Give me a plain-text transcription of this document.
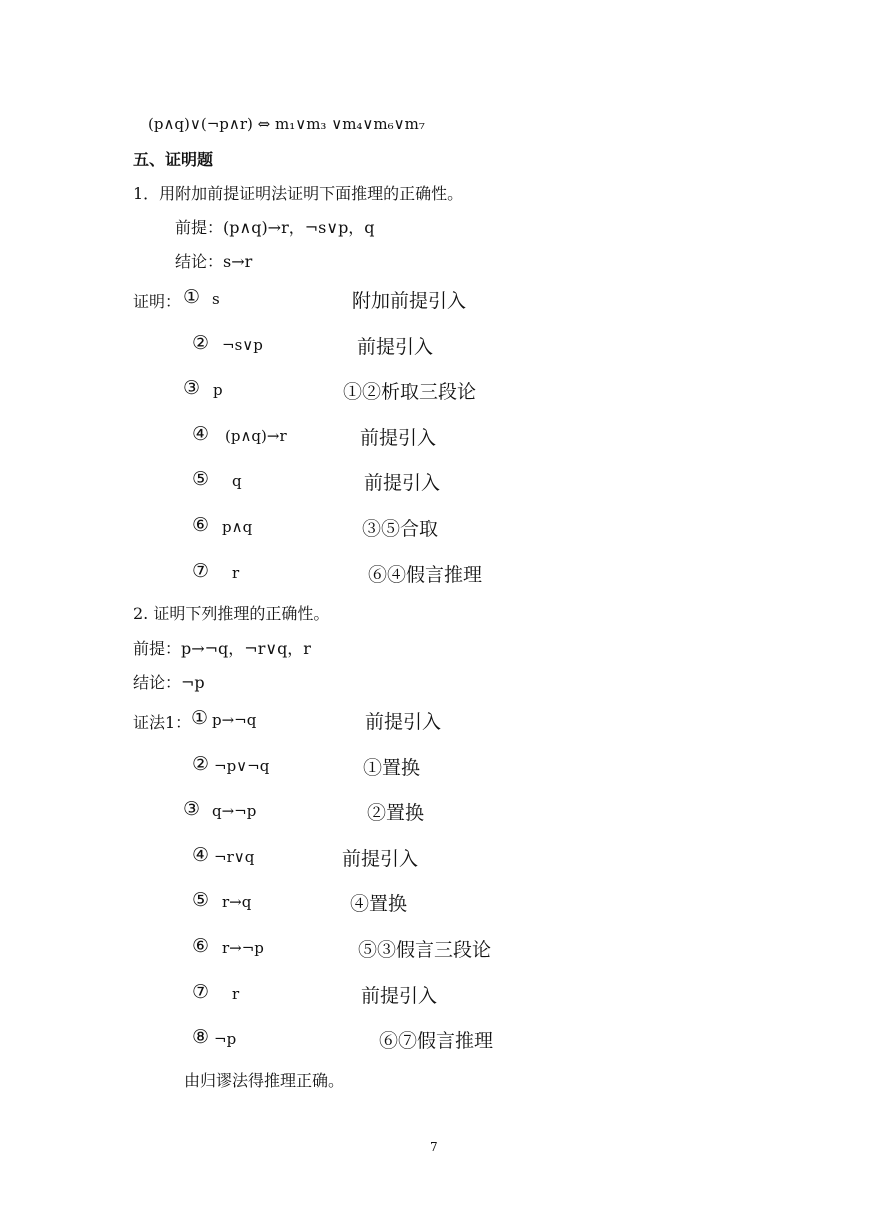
(p∧q)∨(¬p∧r) ⇔ m₁∨m₃ ∨m₄∨m₆∨m₇
五、证明题
1．用附加前提证明法证明下面推理的正确性。
前提：(p∧q)→r，¬s∨p，q
结论：s→r
证明： ① s	附加前提引入
② ¬s∨p	前提引入
③ p	①②析取三段论
④ (p∧q)→r	前提引入
⑤ q	前提引入
⑥ p∧q	③⑤合取
⑦ r	⑥④假言推理
2. 证明下列推理的正确性。
前提：p→¬q，¬r∨q，r
结论：¬p
证法1： ① p→¬q	前提引入
② ¬p∨¬q	①置换
③ q→¬p	②置换
④ ¬r∨q	前提引入
⑤ r→q	④置换
⑥ r→¬p	⑤③假言三段论
⑦ r	前提引入
⑧ ¬p	⑥⑦假言推理
由归谬法得推理正确。
7
